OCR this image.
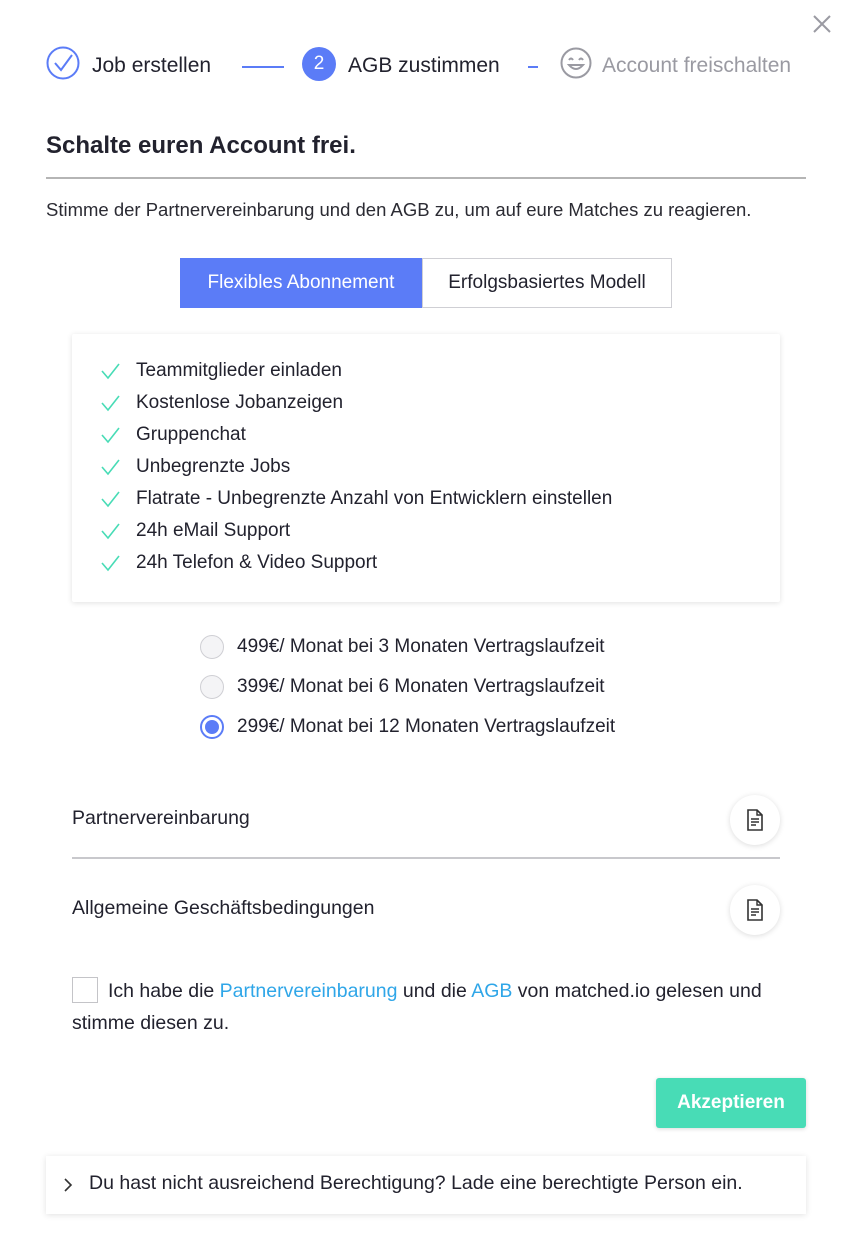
Job erstellen	2	AGB zustimmen	Account freischalten
Schalte euren Account frei.
Stimme der Partnervereinbarung und den AGB zu, um auf eure Matches zu reagieren.
Flexibles Abonnement	Erfolgsbasiertes Modell
Teammitglieder einladen
Kostenlose Jobanzeigen
Gruppenchat
Unbegrenzte Jobs
Flatrate - Unbegrenzte Anzahl von Entwicklern einstellen
24h eMail Support
24h Telefon & Video Support
499€/ Monat bei 3 Monaten Vertragslaufzeit
399€/ Monat bei 6 Monaten Vertragslaufzeit
299€/ Monat bei 12 Monaten Vertragslaufzeit
Partnervereinbarung
Allgemeine Geschäftsbedingungen
Ich habe die Partnervereinbarung und die AGB von matched.io gelesen und stimme diesen zu.
Akzeptieren
Du hast nicht ausreichend Berechtigung? Lade eine berechtigte Person ein.
